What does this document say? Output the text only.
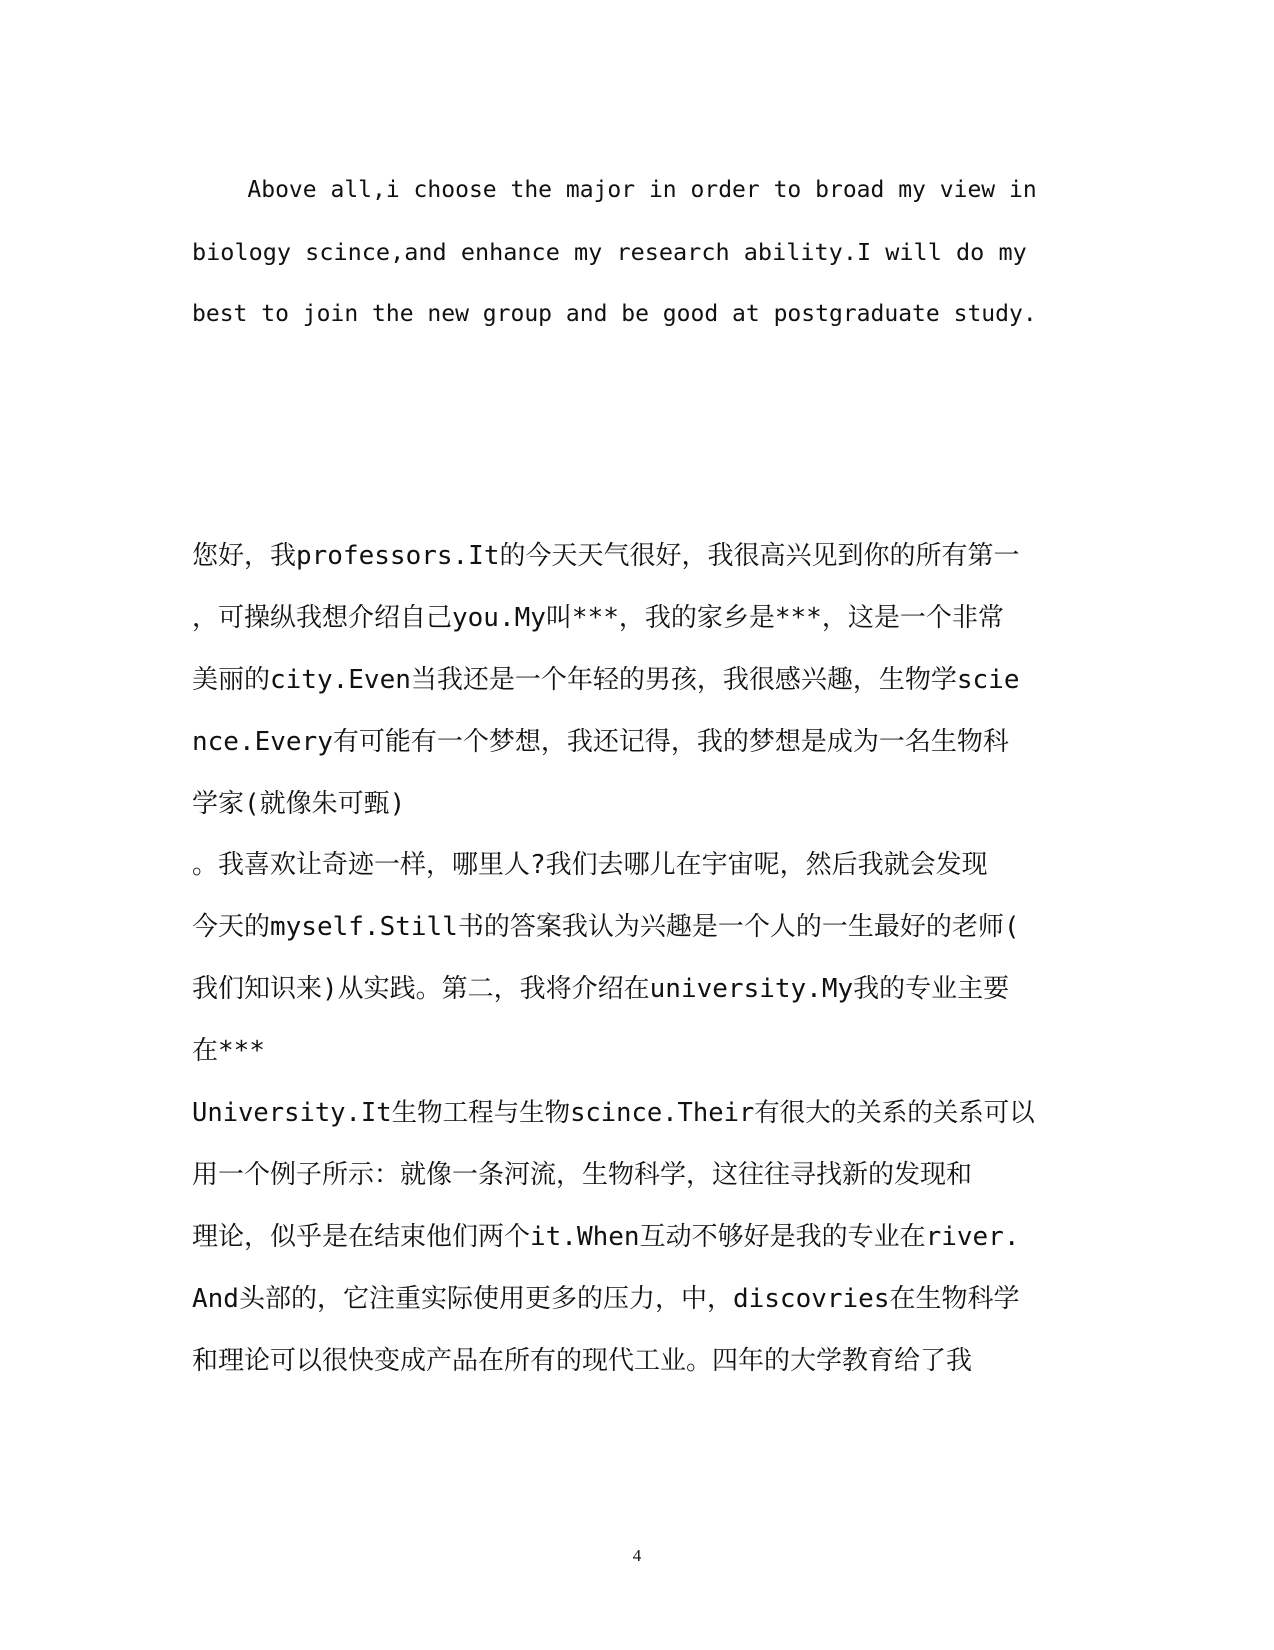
Above all,i choose the major in order to broad my view in

biology scince,and enhance my research ability.I will do my

best to join the new group and be good at postgraduate study.

您好，我professors.It的今天天气很好，我很高兴见到你的所有第一

，可操纵我想介绍自己you.My叫***，我的家乡是***，这是一个非常

美丽的city.Even当我还是一个年轻的男孩，我很感兴趣，生物学scie

nce.Every有可能有一个梦想，我还记得，我的梦想是成为一名生物科

学家(就像朱可甄)

。我喜欢让奇迹一样，哪里人?我们去哪儿在宇宙呢，然后我就会发现

今天的myself.Still书的答案我认为兴趣是一个人的一生最好的老师(

我们知识来)从实践。第二，我将介绍在university.My我的专业主要

在***

University.It生物工程与生物scince.Their有很大的关系的关系可以

用一个例子所示：就像一条河流，生物科学，这往往寻找新的发现和

理论，似乎是在结束他们两个it.When互动不够好是我的专业在river.

And头部的，它注重实际使用更多的压力，中，discovries在生物科学

和理论可以很快变成产品在所有的现代工业。四年的大学教育给了我

4
